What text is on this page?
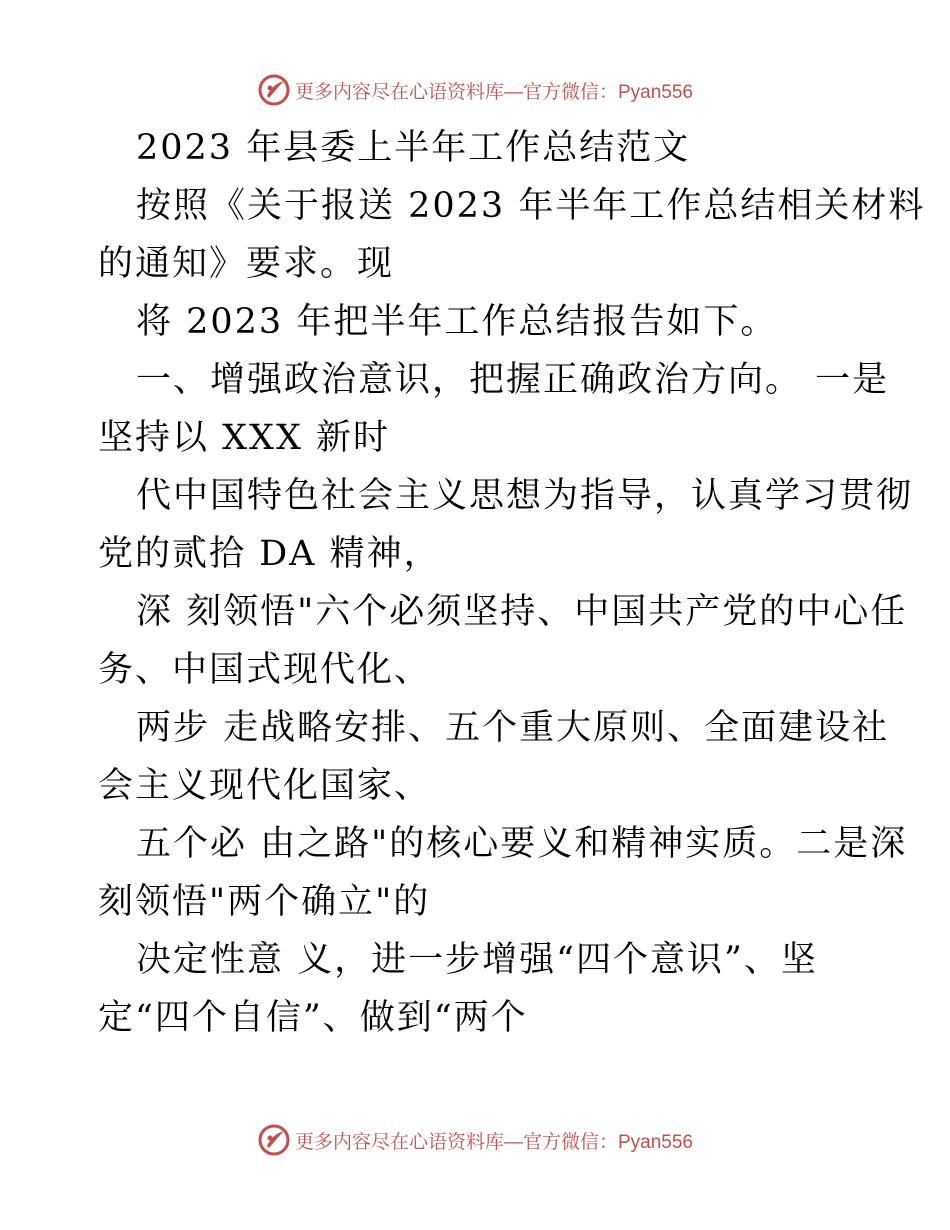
更多内容尽在心语资料库—官方微信：Pyan556
2023 年县委上半年工作总结范文
按照《关于报送 2023 年半年工作总结相关材料
的通知》要求。现
将 2023 年把半年工作总结报告如下。
一、增强政治意识，把握正确政治方向。 一是
坚持以 XXX 新时
代中国特色社会主义思想为指导，认真学习贯彻
党的贰拾 DA 精神，
深 刻领悟"六个必须坚持、中国共产党的中心任
务、中国式现代化、
两步 走战略安排、五个重大原则、全面建设社
会主义现代化国家、
五个必 由之路"的核心要义和精神实质。二是深
刻领悟"两个确立"的
决定性意 义，进一步增强“四个意识”、坚
定“四个自信”、做到“两个
更多内容尽在心语资料库—官方微信：Pyan556
